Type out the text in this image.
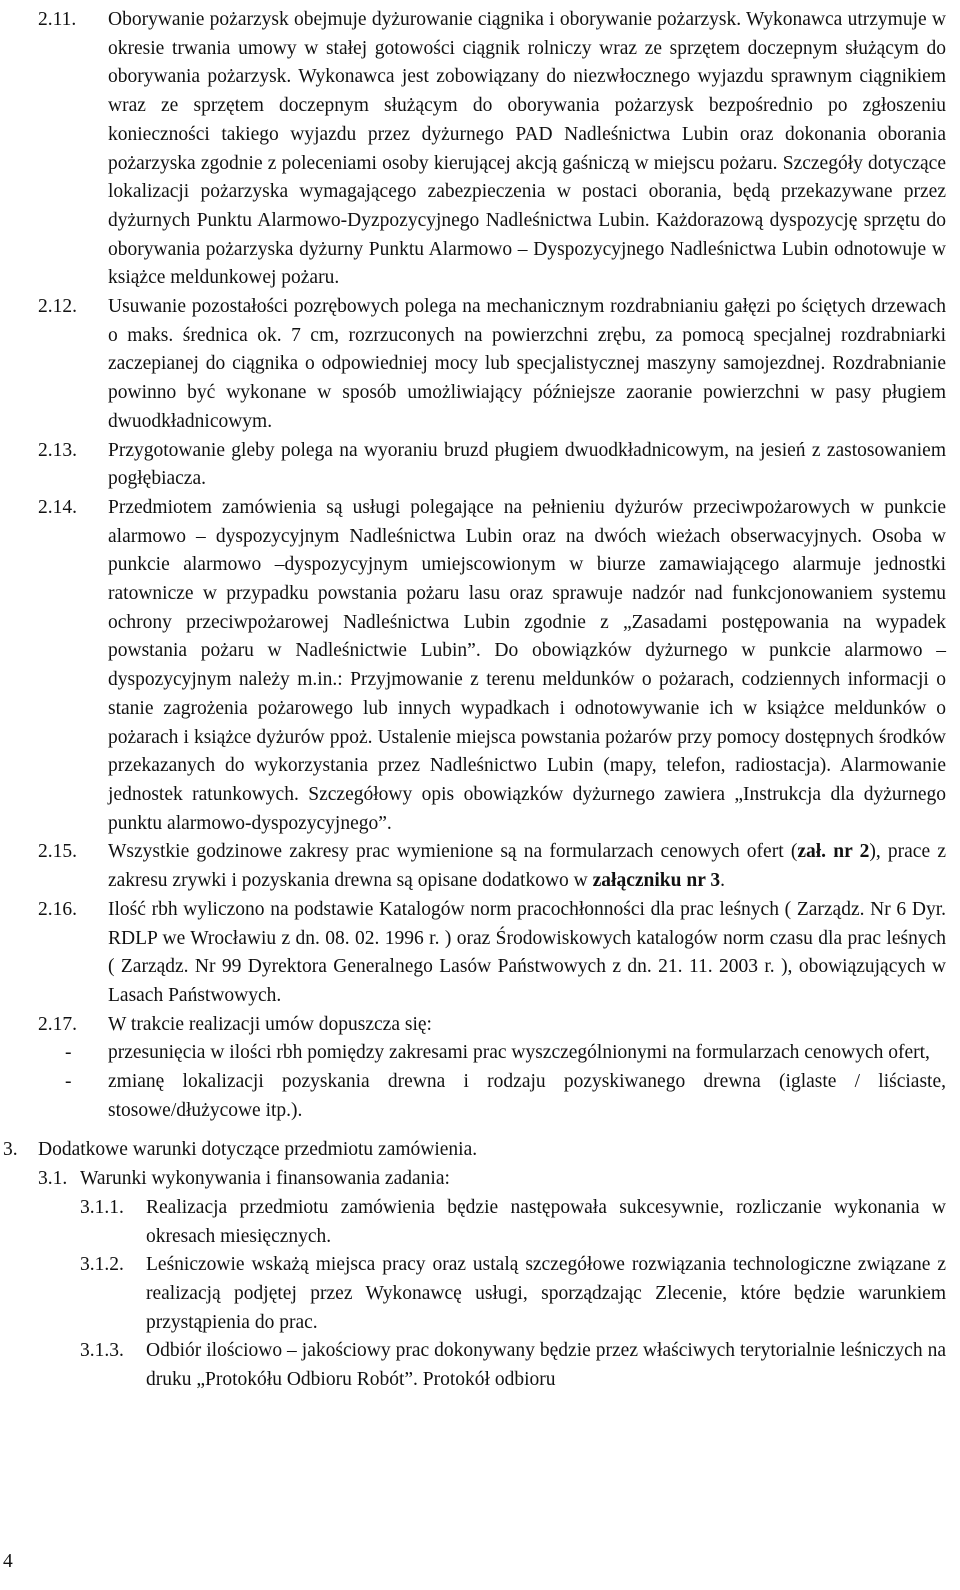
2.11. Oborywanie pożarzysk obejmuje dyżurowanie ciągnika i oborywanie pożarzysk. Wykonawca utrzymuje w okresie trwania umowy w stałej gotowości ciągnik rolniczy wraz ze sprzętem doczepnym służącym do oborywania pożarzysk. Wykonawca jest zobowiązany do niezwłocznego wyjazdu sprawnym ciągnikiem wraz ze sprzętem doczepnym służącym do oborywania pożarzysk bezpośrednio po zgłoszeniu konieczności takiego wyjazdu przez dyżurnego PAD Nadleśnictwa Lubin oraz dokonania oborania pożarzyska zgodnie z poleceniami osoby kierującej akcją gaśniczą w miejscu pożaru. Szczegóły dotyczące lokalizacji pożarzyska wymagającego zabezpieczenia w postaci oborania, będą przekazywane przez dyżurnych Punktu Alarmowo-Dyzpozycyjnego Nadleśnictwa Lubin. Każdorazową dyspozycję sprzętu do oborywania pożarzyska dyżurny Punktu Alarmowo – Dyspozycyjnego Nadleśnictwa Lubin odnotowuje w książce meldunkowej pożaru.
2.12. Usuwanie pozostałości pozrębowych polega na mechanicznym rozdrabnianiu gałęzi po ściętych drzewach o maks. średnica ok. 7 cm, rozrzuconych na powierzchni zrębu, za pomocą specjalnej rozdrabniarki zaczepianej do ciągnika o odpowiedniej mocy lub specjalistycznej maszyny samojezdnej. Rozdrabnianie powinno być wykonane w sposób umożliwiający późniejsze zaoranie powierzchni w pasy pługiem dwuodkładnicowym.
2.13. Przygotowanie gleby polega na wyoraniu bruzd pługiem dwuodkładnicowym, na jesień z zastosowaniem pogłębiacza.
2.14. Przedmiotem zamówienia są usługi polegające na pełnieniu dyżurów przeciwpożarowych w punkcie alarmowo – dyspozycyjnym Nadleśnictwa Lubin oraz na dwóch wieżach obserwacyjnych. Osoba w punkcie alarmowo –dyspozycyjnym umiejscowionym w biurze zamawiającego alarmuje jednostki ratownicze w przypadku powstania pożaru lasu oraz sprawuje nadzór nad funkcjonowaniem systemu ochrony przeciwpożarowej Nadleśnictwa Lubin zgodnie z „Zasadami postępowania na wypadek powstania pożaru w Nadleśnictwie Lubin”. Do obowiązków dyżurnego w punkcie alarmowo – dyspozycyjnym należy m.in.: Przyjmowanie z terenu meldunków o pożarach, codziennych informacji o stanie zagrożenia pożarowego lub innych wypadkach i odnotowywanie ich w książce meldunków o pożarach i książce dyżurów ppoż. Ustalenie miejsca powstania pożarów przy pomocy dostępnych środków przekazanych do wykorzystania przez Nadleśnictwo Lubin (mapy, telefon, radiostacja). Alarmowanie jednostek ratunkowych. Szczegółowy opis obowiązków dyżurnego zawiera „Instrukcja dla dyżurnego punktu alarmowo-dyspozycyjnego”.
2.15. Wszystkie godzinowe zakresy prac wymienione są na formularzach cenowych ofert (zał. nr 2), prace z zakresu zrywki i pozyskania drewna są opisane dodatkowo w załączniku nr 3.
2.16. Ilość rbh wyliczono na podstawie Katalogów norm pracochłonności dla prac leśnych ( Zarządz. Nr 6 Dyr. RDLP we Wrocławiu z dn. 08. 02. 1996 r. ) oraz Środowiskowych katalogów norm czasu dla prac leśnych ( Zarządz. Nr 99 Dyrektora Generalnego Lasów Państwowych z dn. 21. 11. 2003 r. ), obowiązujących w Lasach Państwowych.
2.17. W trakcie realizacji umów dopuszcza się:
- przesunięcia w ilości rbh pomiędzy zakresami prac wyszczególnionymi na formularzach cenowych ofert,
- zmianę lokalizacji pozyskania drewna i rodzaju pozyskiwanego drewna (iglaste / liściaste, stosowe/dłużycowe itp.).
3. Dodatkowe warunki dotyczące przedmiotu zamówienia.
3.1. Warunki wykonywania i finansowania zadania:
3.1.1. Realizacja przedmiotu zamówienia będzie następowała sukcesywnie, rozliczanie wykonania w okresach miesięcznych.
3.1.2. Leśniczowie wskażą miejsca pracy oraz ustalą szczegółowe rozwiązania technologiczne związane z realizacją podjętej przez Wykonawcę usługi, sporządzając Zlecenie, które będzie warunkiem przystąpienia do prac.
3.1.3. Odbiór ilościowo – jakościowy prac dokonywany będzie przez właściwych terytorialnie leśniczych na druku „Protokółu Odbioru Robót”. Protokół odbioru
4
